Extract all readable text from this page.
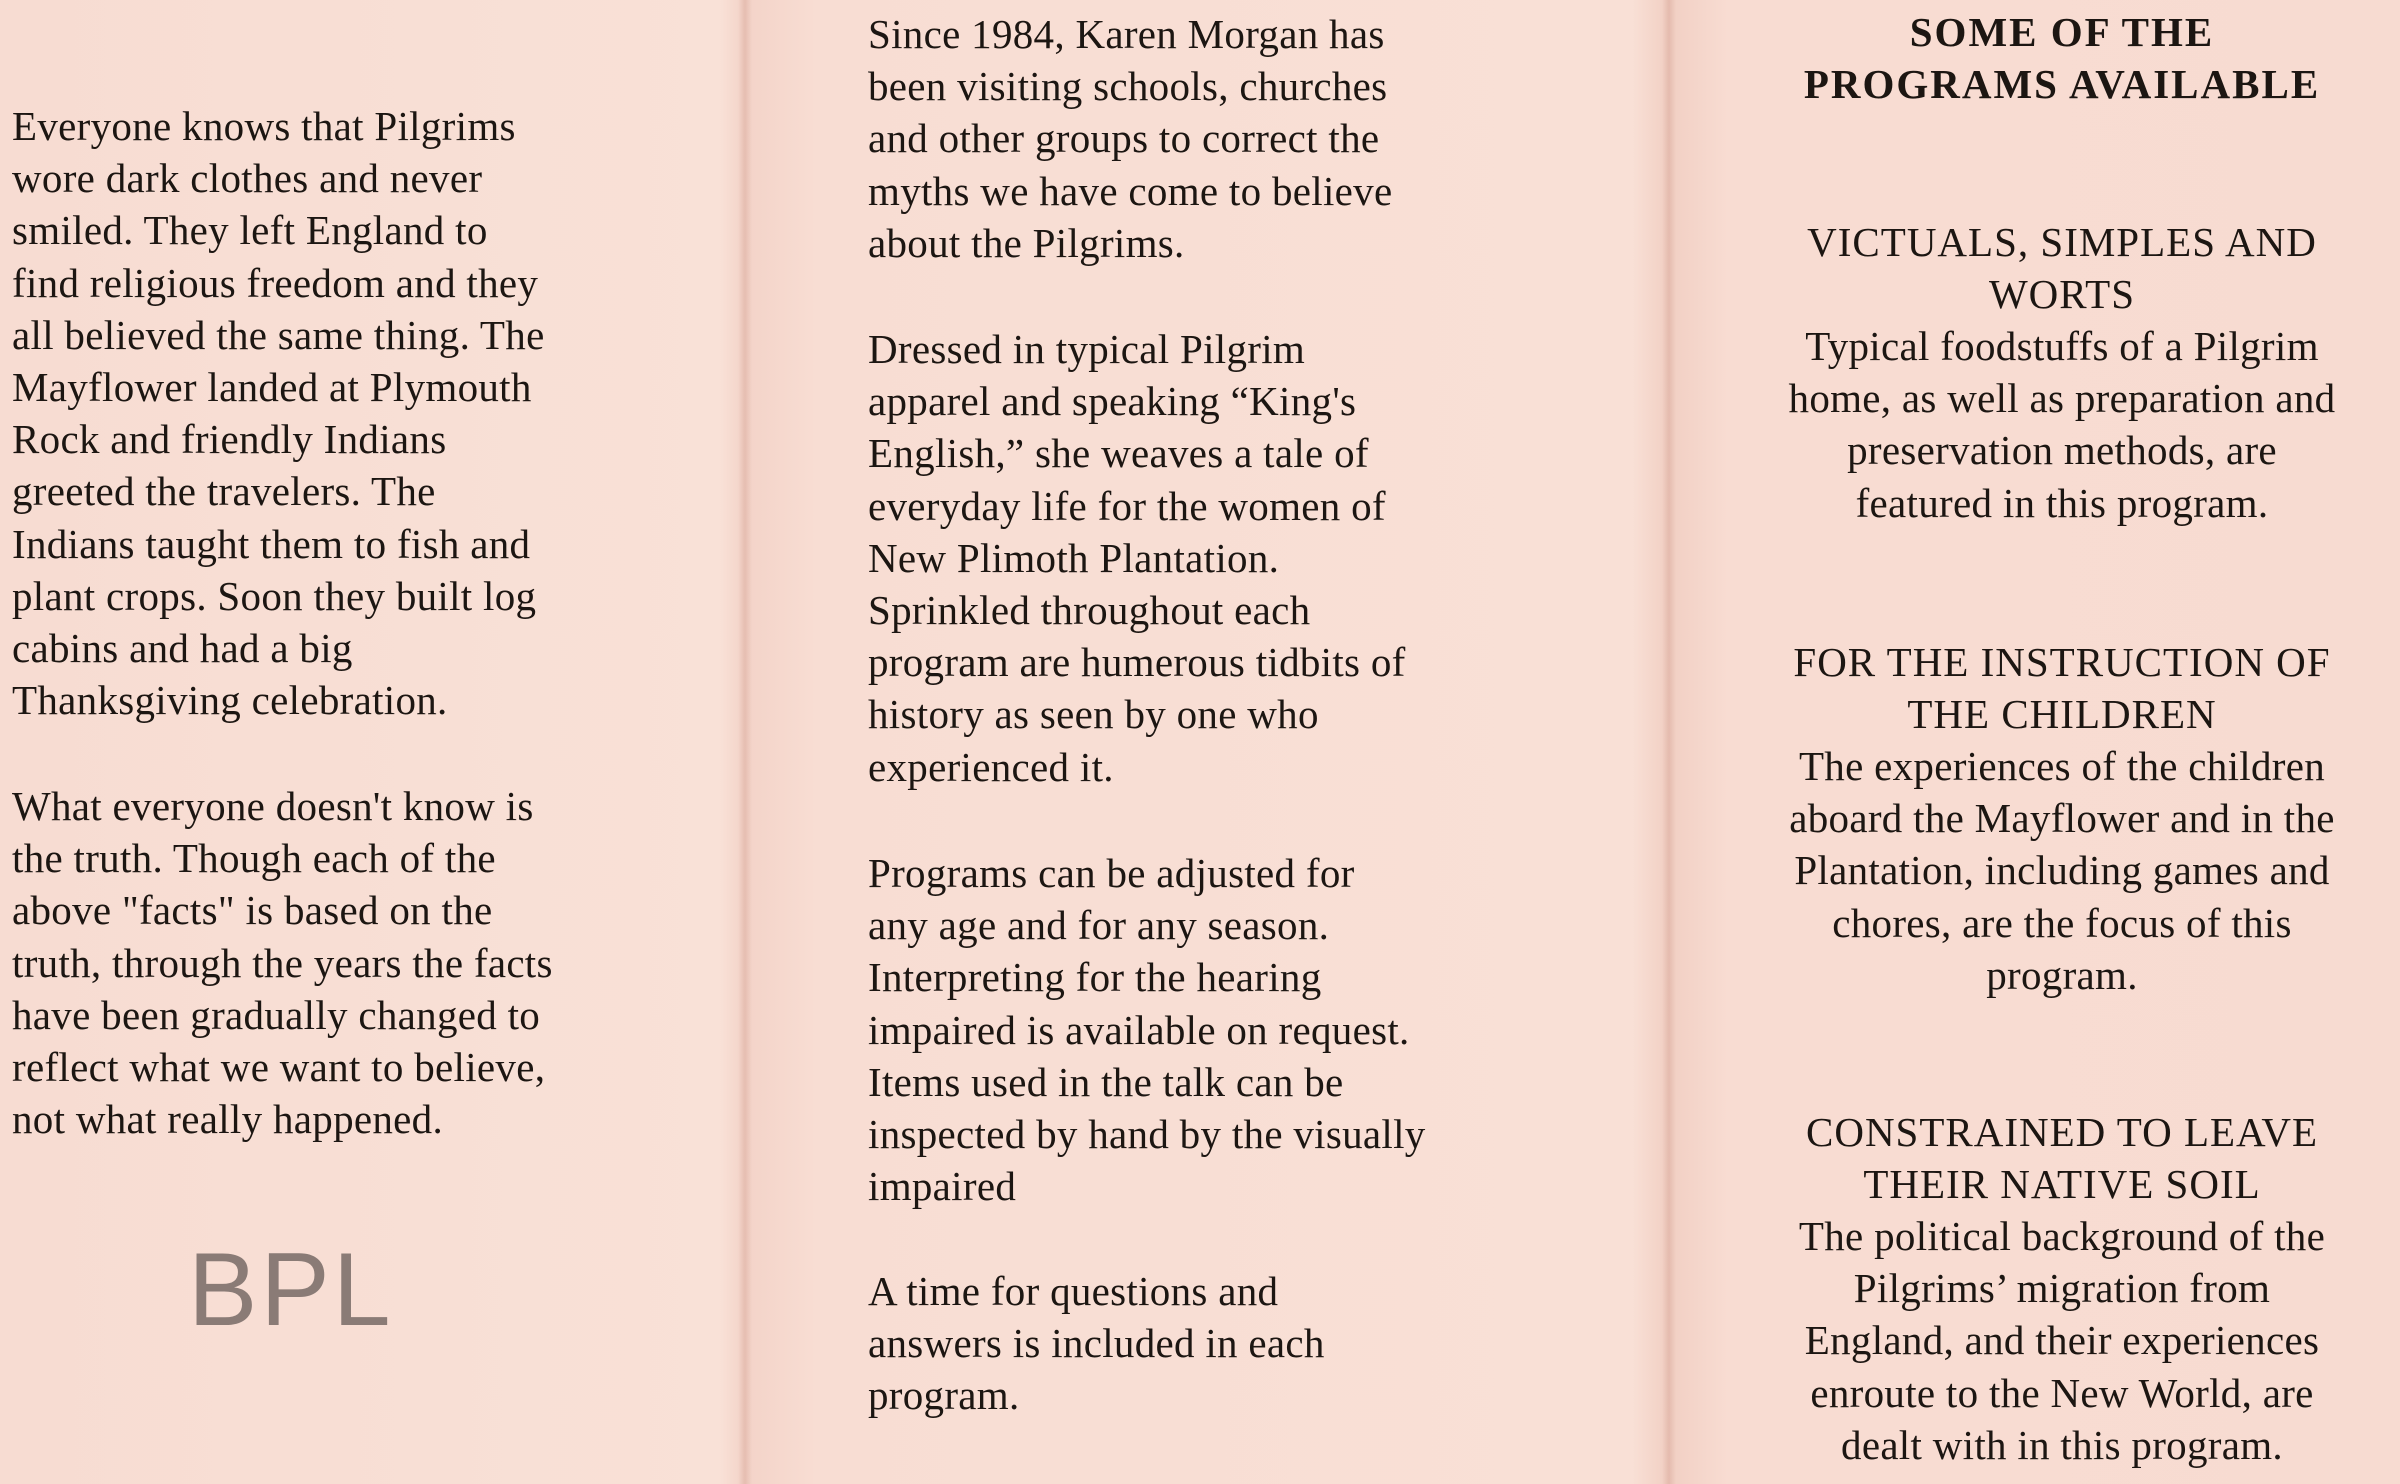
Everyone knows that Pilgrims
wore dark clothes and never
smiled. They left England to
find religious freedom and they
all believed the same thing. The
Mayflower landed at Plymouth
Rock and friendly Indians
greeted the travelers. The
Indians taught them to fish and
plant crops. Soon they built log
cabins and had a big
Thanksgiving celebration.

What everyone doesn't know is
the truth. Though each of the
above "facts" is based on the
truth, through the years the facts
have been gradually changed to
reflect what we want to believe,
not what really happened.

BPL

Since 1984, Karen Morgan has
been visiting schools, churches
and other groups to correct the
myths we have come to believe
about the Pilgrims.

Dressed in typical Pilgrim
apparel and speaking “King's
English,” she weaves a tale of
everyday life for the women of
New Plimoth Plantation.
Sprinkled throughout each
program are humerous tidbits of
history as seen by one who
experienced it.

Programs can be adjusted for
any age and for any season.
Interpreting for the hearing
impaired is available on request.
Items used in the talk can be
inspected by hand by the visually
impaired

A time for questions and
answers is included in each
program.

SOME OF THE
PROGRAMS AVAILABLE

VICTUALS, SIMPLES AND
WORTS

Typical foodstuffs of a Pilgrim
home, as well as preparation and
preservation methods, are
featured in this program.

FOR THE INSTRUCTION OF
THE CHILDREN

The experiences of the children
aboard the Mayflower and in the
Plantation, including games and
chores, are the focus of this
program.

CONSTRAINED TO LEAVE
THEIR NATIVE SOIL

The political background of the
Pilgrims’ migration from
England, and their experiences
enroute to the New World, are
dealt with in this program.
